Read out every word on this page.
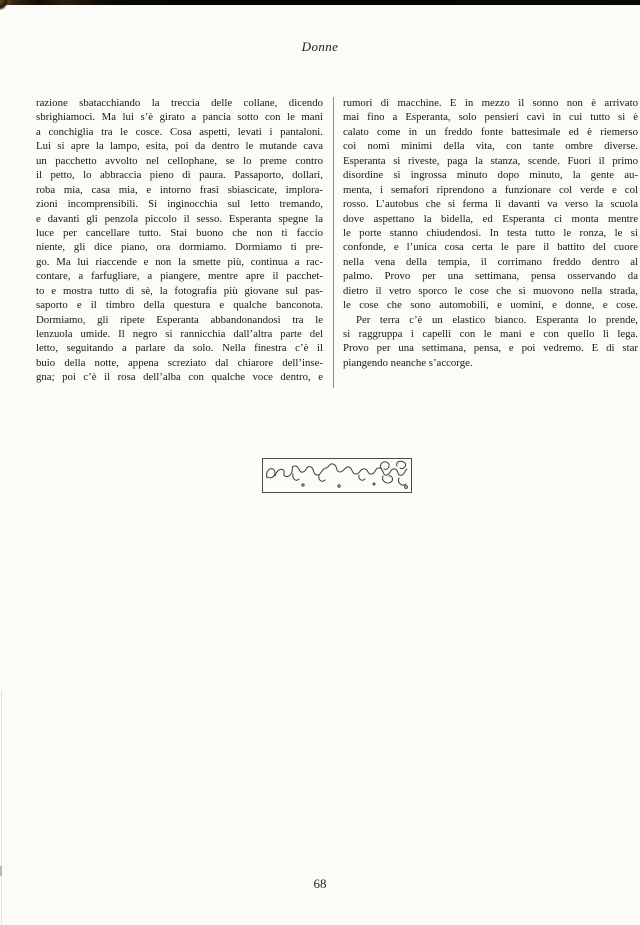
Donne
razione sbatacchiando la treccia delle collane, dicendo
sbrighiamoci. Ma lui s’è girato a pancia sotto con le mani
a conchiglia tra le cosce. Cosa aspetti, levati i pantaloni.
Lui si apre la lampo, esita, poi da dentro le mutande cava
un pacchetto avvolto nel cellophane, se lo preme contro
il petto, lo abbraccia pieno di paura. Passaporto, dollari,
roba mia, casa mia, e intorno frasi sbiascicate, implora-
zioni incomprensibili. Si inginocchia sul letto tremando,
e davanti gli penzola piccolo il sesso. Esperanta spegne la
luce per cancellare tutto. Stai buono che non ti faccio
niente, gli dice piano, ora dormiamo. Dormiamo ti pre-
go. Ma lui riaccende e non la smette più, continua a rac-
contare, a farfugliare, a piangere, mentre apre il pacchet-
to e mostra tutto di sè, la fotografia più giovane sul pas-
saporto e il timbro della questura e qualche banconota.
Dormiamo, gli ripete Esperanta abbandonandosi tra le
lenzuola umide. Il negro si rannicchia dall’altra parte del
letto, seguitando a parlare da solo. Nella finestra c’è il
buio della notte, appena screziato dal chiarore dell’inse-
gna; poi c’è il rosa dell’alba con qualche voce dentro, e
rumori di macchine. E in mezzo il sonno non è arrivato
mai fino a Esperanta, solo pensieri cavi in cui tutto si è
calato come in un freddo fonte battesimale ed è riemerso
coi nomi minimi della vita, con tante ombre diverse.
Esperanta si riveste, paga la stanza, scende. Fuori il primo
disordine si ingrossa minuto dopo minuto, la gente au-
menta, i semafori riprendono a funzionare col verde e col
rosso. L’autobus che si ferma lì davanti va verso la scuola
dove aspettano la bidella, ed Esperanta ci monta mentre
le porte stanno chiudendosi. In testa tutto le ronza, le si
confonde, e l’unica cosa certa le pare il battito del cuore
nella vena della tempia, il corrimano freddo dentro al
palmo. Provo per una settimana, pensa osservando da
dietro il vetro sporco le cose che si muovono nella strada,
le cose che sono automobili, e uomini, e donne, e cose.
Per terra c’è un elastico bianco. Esperanta lo prende,
si raggruppa i capelli con le mani e con quello li lega.
Provo per una settimana, pensa, e poi vedremo. E di star
piangendo neanche s’accorge.
68
